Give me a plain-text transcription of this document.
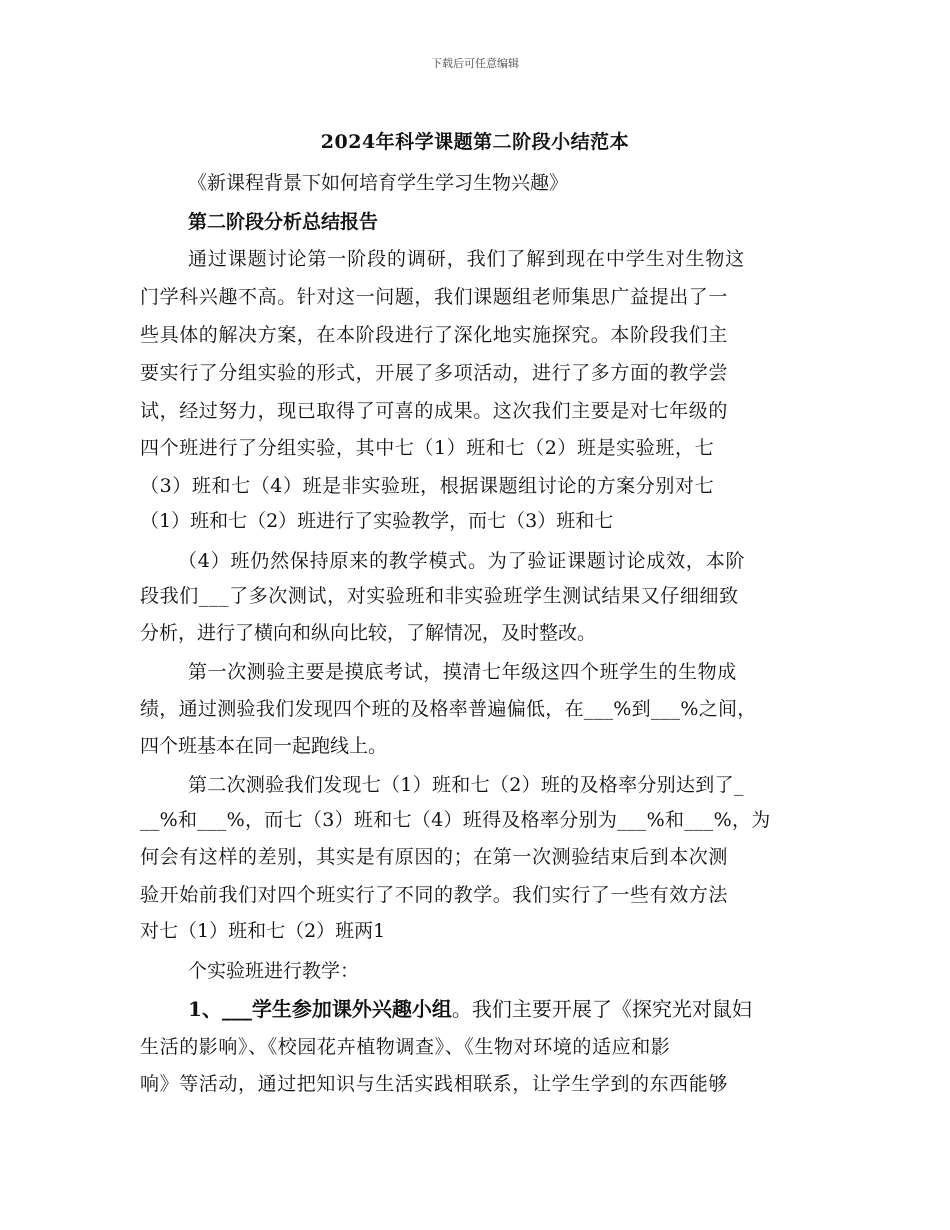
下载后可任意编辑
2024年科学课题第二阶段小结范本
《新课程背景下如何培育学生学习生物兴趣》
第二阶段分析总结报告
通过课题讨论第一阶段的调研，我们了解到现在中学生对生物这
门学科兴趣不高。针对这一问题，我们课题组老师集思广益提出了一
些具体的解决方案，在本阶段进行了深化地实施探究。本阶段我们主
要实行了分组实验的形式，开展了多项活动，进行了多方面的教学尝
试，经过努力，现已取得了可喜的成果。这次我们主要是对七年级的
四个班进行了分组实验，其中七（1）班和七（2）班是实验班，七
（3）班和七（4）班是非实验班，根据课题组讨论的方案分别对七
（1）班和七（2）班进行了实验教学，而七（3）班和七
（4）班仍然保持原来的教学模式。为了验证课题讨论成效，本阶
段我们___了多次测试，对实验班和非实验班学生测试结果又仔细细致
分析，进行了横向和纵向比较，了解情况，及时整改。
第一次测验主要是摸底考试，摸清七年级这四个班学生的生物成
绩，通过测验我们发现四个班的及格率普遍偏低，在___%到___%之间，
四个班基本在同一起跑线上。
第二次测验我们发现七（1）班和七（2）班的及格率分别达到了_
__%和___%，而七（3）班和七（4）班得及格率分别为___%和___%，为
何会有这样的差别，其实是有原因的；在第一次测验结束后到本次测
验开始前我们对四个班实行了不同的教学。我们实行了一些有效方法
对七（1）班和七（2）班两1
个实验班进行教学：
1、___学生参加课外兴趣小组。我们主要开展了《探究光对鼠妇
生活的影响》、《校园花卉植物调查》、《生物对环境的适应和影
响》等活动，通过把知识与生活实践相联系，让学生学到的东西能够
